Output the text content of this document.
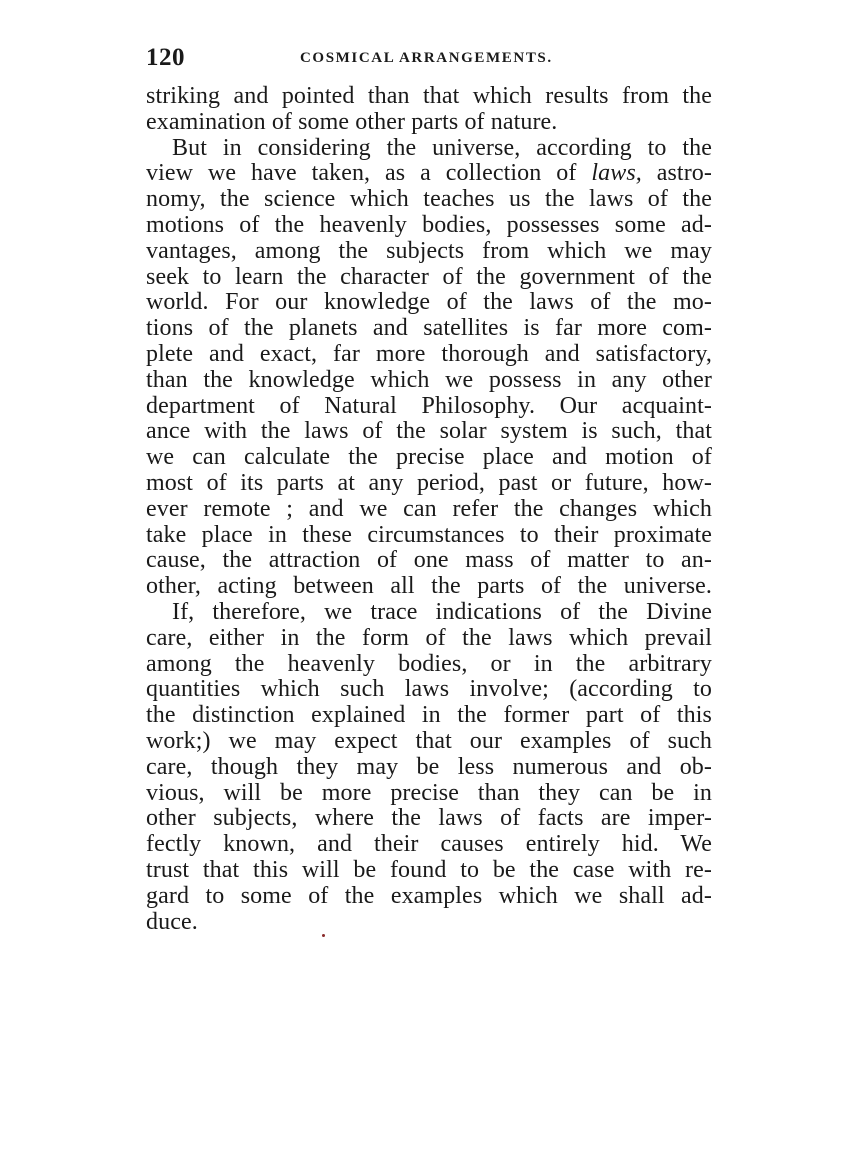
120	COSMICAL ARRANGEMENTS.
striking and pointed than that which results from the
examination of some other parts of nature.
But in considering the universe, according to the
view we have taken, as a collection of laws, astro-
nomy, the science which teaches us the laws of the
motions of the heavenly bodies, possesses some ad-
vantages, among the subjects from which we may
seek to learn the character of the government of the
world. For our knowledge of the laws of the mo-
tions of the planets and satellites is far more com-
plete and exact, far more thorough and satisfactory,
than the knowledge which we possess in any other
department of Natural Philosophy. Our acquaint-
ance with the laws of the solar system is such, that
we can calculate the precise place and motion of
most of its parts at any period, past or future, how-
ever remote ; and we can refer the changes which
take place in these circumstances to their proximate
cause, the attraction of one mass of matter to an-
other, acting between all the parts of the universe.
If, therefore, we trace indications of the Divine
care, either in the form of the laws which prevail
among the heavenly bodies, or in the arbitrary
quantities which such laws involve; (according to
the distinction explained in the former part of this
work;) we may expect that our examples of such
care, though they may be less numerous and ob-
vious, will be more precise than they can be in
other subjects, where the laws of facts are imper-
fectly known, and their causes entirely hid. We
trust that this will be found to be the case with re-
gard to some of the examples which we shall ad-
duce.
